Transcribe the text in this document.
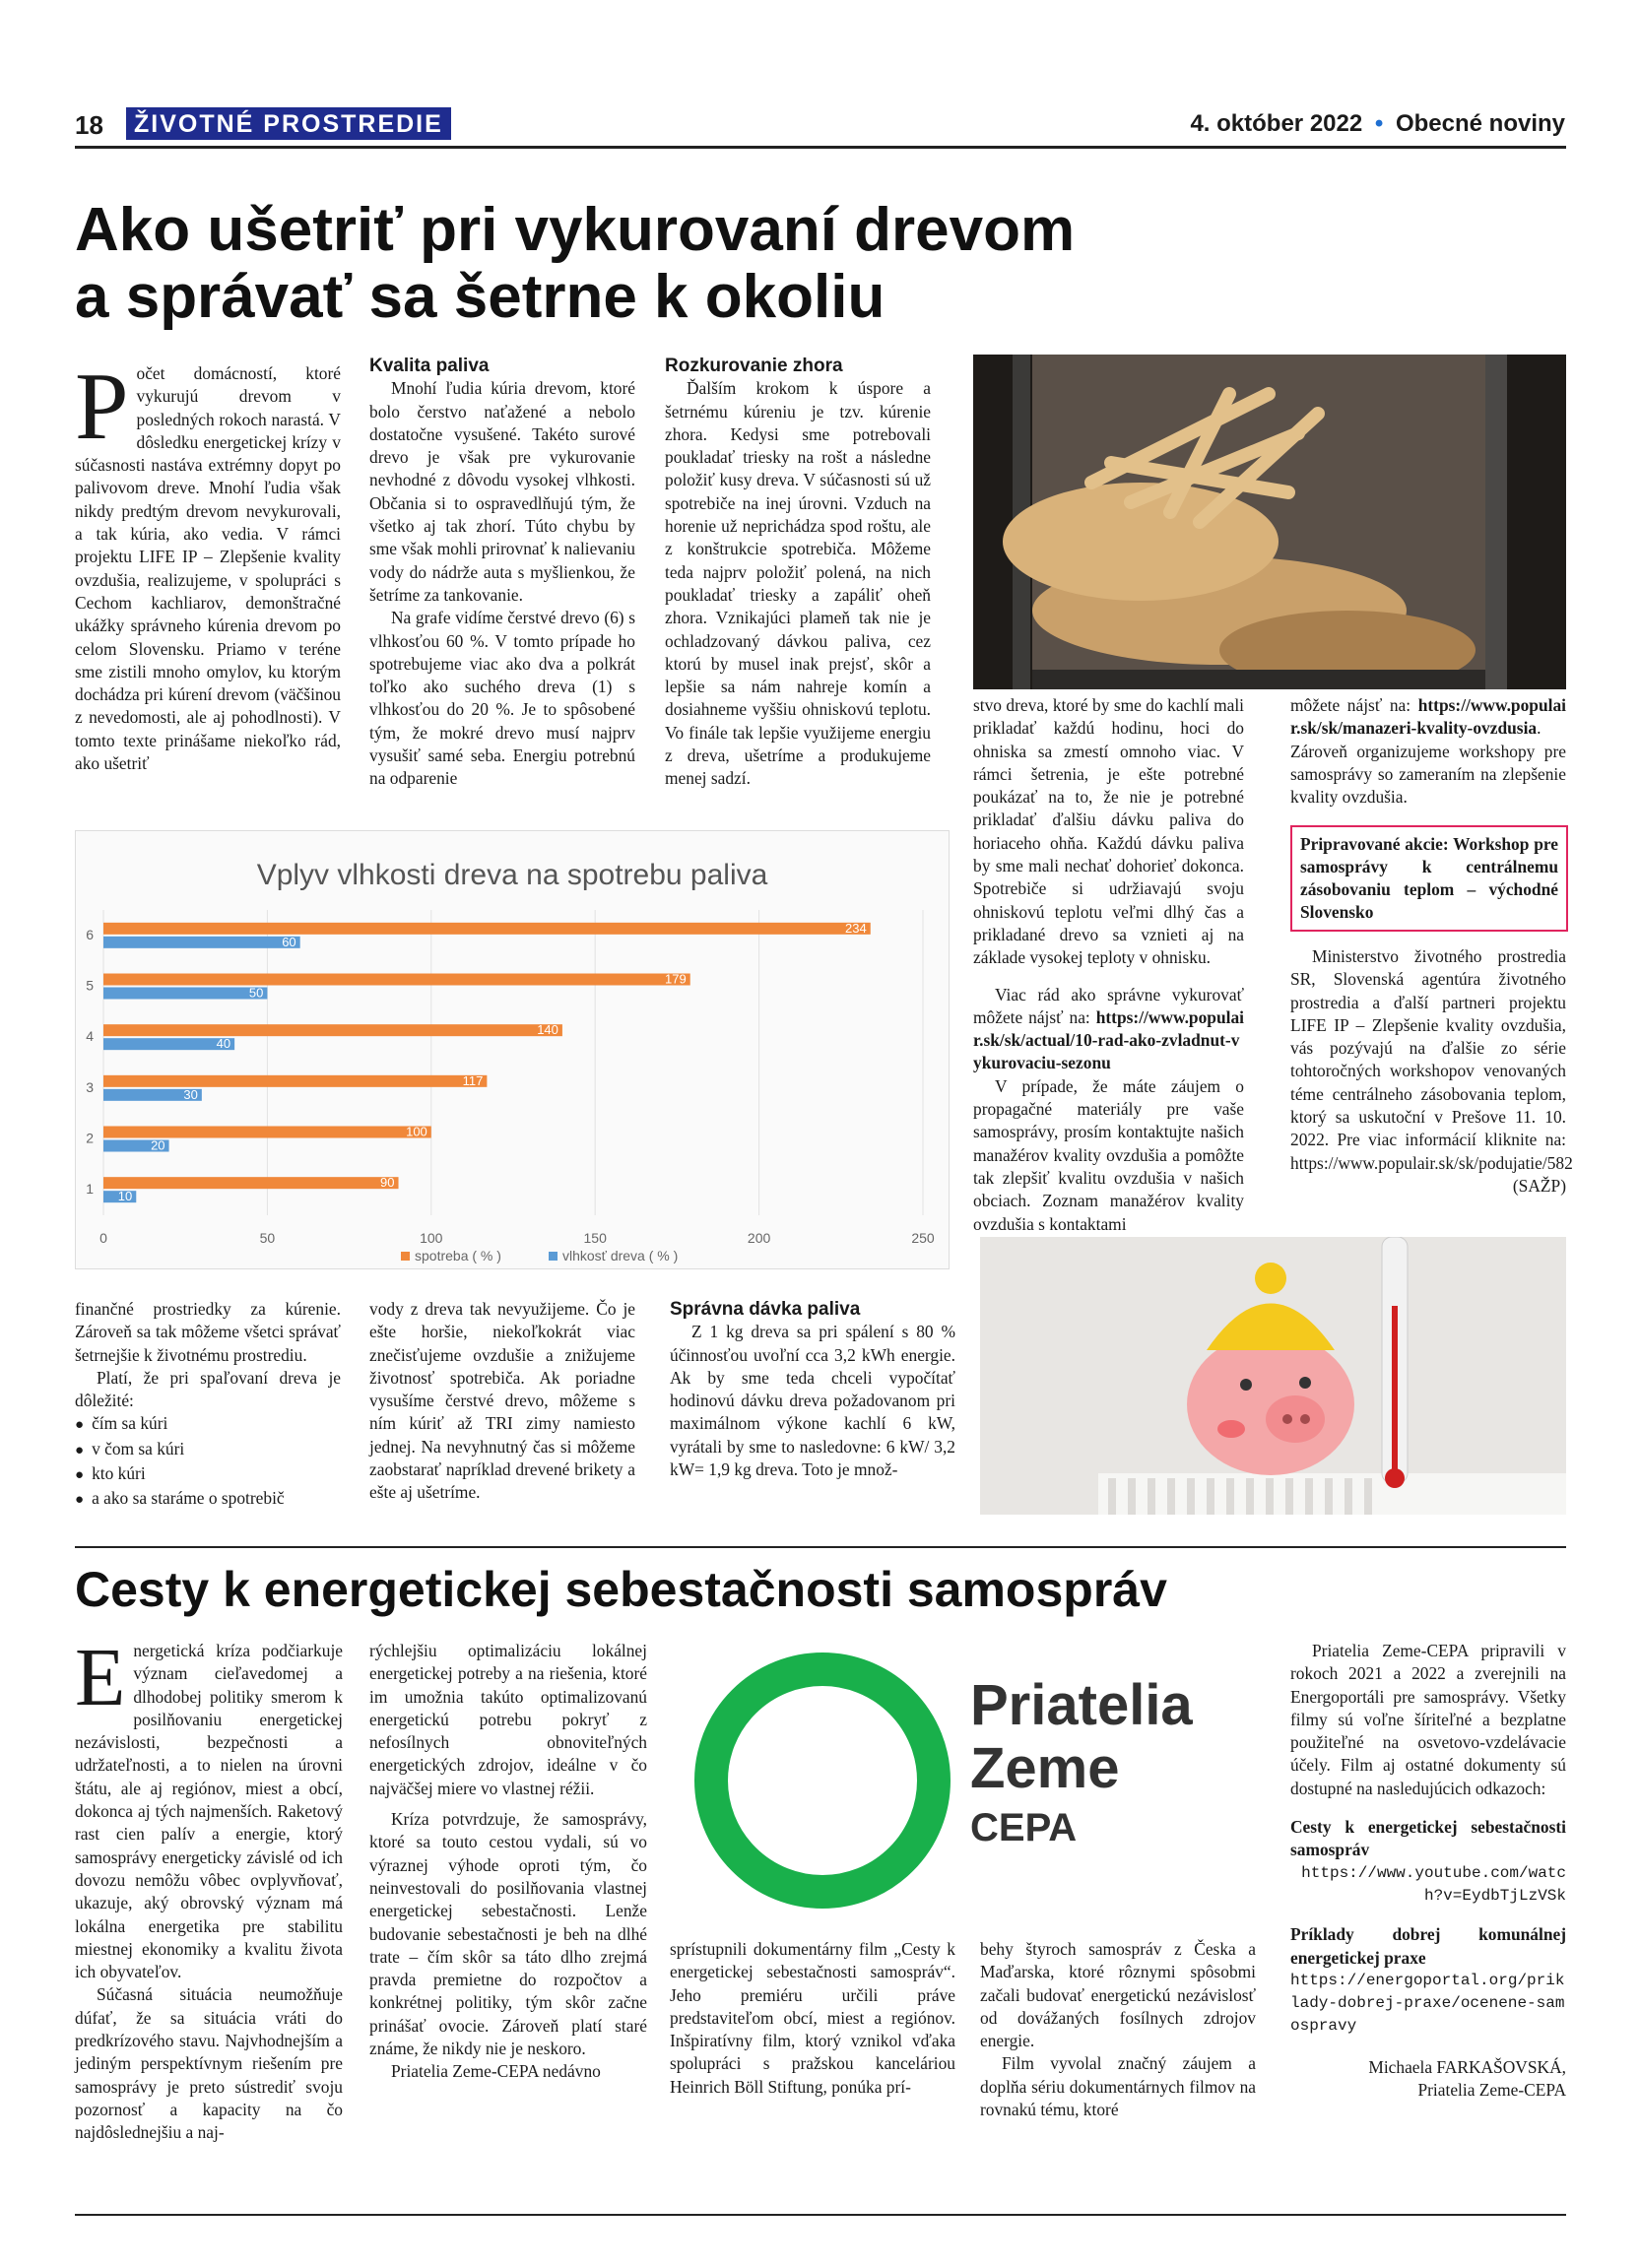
18	ŽIVOTNÉ PROSTREDIE	4. október 2022 • Obecné noviny
Ako ušetriť pri vykurovaní drevom
a správať sa šetrne k okoliu

Počet domácností, ktoré vykurujú drevom v posledných rokoch narastá. V dôsledku energetickej krízy v súčasnosti nastáva extrémny dopyt po palivovom dreve. Mnohí ľudia však nikdy predtým drevom nevykurovali, a tak kúria, ako vedia. V rámci projektu LIFE IP – Zlepšenie kvality ovzdušia, realizujeme, v spolupráci s Cechom kachliarov, demonštračné ukážky správneho kúrenia drevom po celom Slovensku. Priamo v teréne sme zistili mnoho omylov, ku ktorým dochádza pri kúrení drevom (väčšinou z nevedomosti, ale aj pohodlnosti). V tomto texte prinášame niekoľko rád, ako ušetriť

Kvalita paliva

Mnohí ľudia kúria drevom, ktoré bolo čerstvo naťažené a nebolo dostatočne vysušené. Takéto surové drevo je však pre vykurovanie nevhodné z dôvodu vysokej vlhkosti. Občania si to ospravedlňujú tým, že všetko aj tak zhorí. Túto chybu by sme však mohli prirovnať k nalievaniu vody do nádrže auta s myšlienkou, že šetríme za tankovanie.

Na grafe vidíme čerstvé drevo (6) s vlhkosťou 60 %. V tomto prípade ho spotrebujeme viac ako dva a polkrát toľko ako suchého dreva (1) s vlhkosťou do 20 %. Je to spôsobené tým, že mokré drevo musí najprv vysušiť samé seba. Energiu potrebnú na odparenie

Rozkurovanie zhora

Ďalším krokom k úspore a šetrnému kúreniu je tzv. kúrenie zhora. Kedysi sme potrebovali poukladať triesky na rošt a následne položiť kusy dreva. V súčasnosti sú už spotrebiče na inej úrovni. Vzduch na horenie už neprichádza spod roštu, ale z konštrukcie spotrebiča. Môžeme teda najprv položiť polená, na nich poukladať triesky a zapáliť oheň zhora. Vznikajúci plameň tak nie je ochladzovaný dávkou paliva, cez ktorú by musel inak prejsť, skôr a lepšie sa nám nahreje komín a dosiahneme vyššiu ohniskovú teplotu. Vo finále tak lepšie využijeme energiu z dreva, ušetríme a produkujeme menej sadzí.

stvo dreva, ktoré by sme do kachlí mali prikladať každú hodinu, hoci do ohniska sa zmestí omnoho viac. V rámci šetrenia, je ešte potrebné poukázať na to, že nie je potrebné prikladať ďalšiu dávku paliva do horiaceho ohňa. Každú dávku paliva by sme mali nechať dohorieť dokonca. Spotrebiče si udržiavajú svoju ohniskovú teplotu veľmi dlhý čas a prikladané drevo sa vznieti aj na základe vysokej teploty v ohnisku.

Viac rád ako správne vykurovať môžete nájsť na: https://www.populair.sk/sk/actual/10-rad-ako-zvladnut-vykurovaciu-sezonu

V prípade, že máte záujem o propagačné materiály pre vaše samosprávy, prosím kontaktujte našich manažérov kvality ovzdušia a pomôžte tak zlepšiť kvalitu ovzdušia v našich obciach. Zoznam manažérov kvality ovzdušia s kontaktami

môžete nájsť na: https://www.populair.sk/sk/manazeri-kvality-ovzdusia. Zároveň organizujeme workshopy pre samosprávy so zameraním na zlepšenie kvality ovzdušia.

Pripravované akcie: Workshop pre samosprávy k centrálnemu zásobovaniu teplom – východné Slovensko

Ministerstvo životného prostredia SR, Slovenská agentúra životného prostredia a ďalší partneri projektu LIFE IP – Zlepšenie kvality ovzdušia, vás pozývajú na ďalšie zo série tohtoročných workshopov venovaných téme centrálneho zásobovania teplom, ktorý sa uskutoční v Prešove 11. 10. 2022. Pre viac informácií kliknite na: https://www.populair.sk/sk/podujatie/582

(SAŽP)
Vplyv vlhkosti dreva na spotrebu paliva
90
10
100
20
117
30
140
40
179
50
234
60
1
2
3
4
5
6
0	50	100	150	200	250
spotreba ( % )	vlhkosť dreva ( % )

finančné prostriedky za kúrenie. Zároveň sa tak môžeme všetci správať šetrnejšie k životnému prostrediu.

Platí, že pri spaľovaní dreva je dôležité:

● čím sa kúri
● v čom sa kúri
● kto kúri
● a ako sa staráme o spotrebič

vody z dreva tak nevyužijeme. Čo je ešte horšie, niekoľkokrát viac znečisťujeme ovzdušie a znižujeme životnosť spotrebiča. Ak poriadne vysušíme čerstvé drevo, môžeme s ním kúriť až TRI zimy namiesto jednej. Na nevyhnutný čas si môžeme zaobstarať napríklad drevené brikety a ešte aj ušetríme.

Správna dávka paliva

Z 1 kg dreva sa pri spálení s 80 % účinnosťou uvoľní cca 3,2 kWh energie. Ak by sme teda chceli vypočítať hodinovú dávku dreva požadovanom pri maximálnom výkone kachlí 6 kW, vyrátali by sme to nasledovne: 6 kW/ 3,2 kW= 1,9 kg dreva. Toto je množ-

Cesty k energetickej sebestačnosti samospráv

Energetická kríza podčiarkuje význam cieľavedomej a dlhodobej politiky smerom k posilňovaniu energetickej nezávislosti, bezpečnosti a udržateľnosti, a to nielen na úrovni štátu, ale aj regiónov, miest a obcí, dokonca aj tých najmenších. Raketový rast cien palív a energie, ktorý samosprávy energeticky závislé od ich dovozu nemôžu vôbec ovplyvňovať, ukazuje, aký obrovský význam má lokálna energetika pre stabilitu miestnej ekonomiky a kvalitu života ich obyvateľov.

Súčasná situácia neumožňuje dúfať, že sa situácia vráti do predkrízového stavu. Najvhodnejším a jediným perspektívnym riešením pre samosprávy je preto sústrediť svoju pozornosť a kapacity na čo najdôslednejšiu a naj-

rýchlejšiu optimalizáciu lokálnej energetickej potreby a na riešenia, ktoré im umožnia takúto optimalizovanú energetickú potrebu pokryť z nefosílnych obnoviteľných energetických zdrojov, ideálne v čo najväčšej miere vo vlastnej réžii.

Kríza potvrdzuje, že samosprávy, ktoré sa touto cestou vydali, sú vo výraznej výhode oproti tým, čo neinvestovali do posilňovania vlastnej energetickej sebestačnosti. Lenže budovanie sebestačnosti je beh na dlhé trate – čím skôr sa táto dlho zrejmá pravda premietne do rozpočtov a konkrétnej politiky, tým skôr začne prinášať ovocie. Zároveň platí staré známe, že nikdy nie je neskoro.

Priatelia Zeme-CEPA nedávno

Priatelia
Zeme
CEPA

sprístupnili dokumentárny film „Cesty k energetickej sebestačnosti samospráv“. Jeho premiéru určili práve predstaviteľom obcí, miest a regiónov. Inšpiratívny film, ktorý vznikol vďaka spolupráci s pražskou kanceláriou Heinrich Böll Stiftung, ponúka prí-

behy štyroch samospráv z Česka a Maďarska, ktoré rôznymi spôsobmi začali budovať energetickú nezávislosť od dovážaných fosílnych zdrojov energie.

Film vyvolal značný záujem a doplňa sériu dokumentárnych filmov na rovnakú tému, ktoré

Priatelia Zeme-CEPA pripravili v rokoch 2021 a 2022 a zverejnili na Energoportáli pre samosprávy. Všetky filmy sú voľne šíriteľné a bezplatne použiteľné na osvetovo-vzdelávacie účely. Film aj ostatné dokumenty sú dostupné na nasledujúcich odkazoch:

Cesty k energetickej sebestačnosti samospráv

https://www.youtube.com/watch?v=EydbTjLzVSk

Príklady dobrej komunálnej energetickej praxe

https://energoportal.org/priklady-dobrej-praxe/ocenene-samospravy

Michaela FARKAŠOVSKÁ,

Priatelia Zeme-CEPA
